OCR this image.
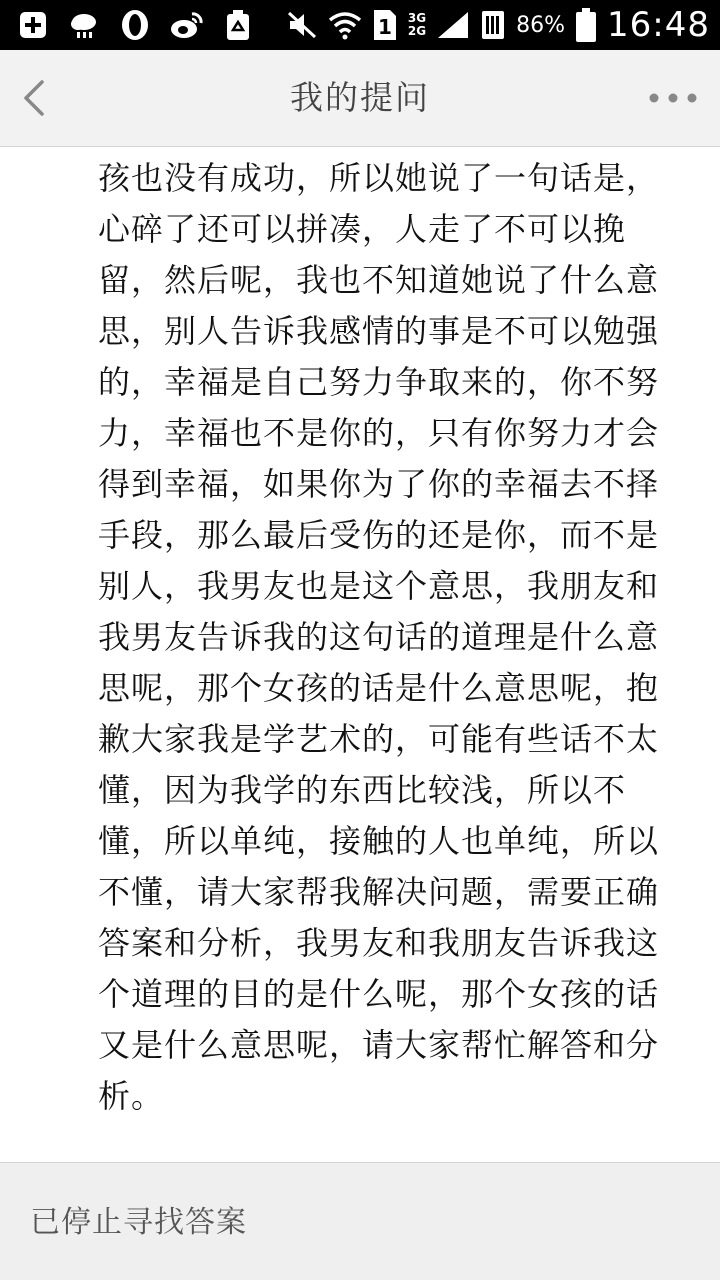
1 3G
2G	86% 16:48
我的提问
孩也没有成功，所以她说了一句话是，心碎了还可以拼凑，人走了不可以挽留，然后呢，我也不知道她说了什么意思，别人告诉我感情的事是不可以勉强的，幸福是自己努力争取来的，你不努力，幸福也不是你的，只有你努力才会得到幸福，如果你为了你的幸福去不择手段，那么最后受伤的还是你，而不是别人，我男友也是这个意思，我朋友和我男友告诉我的这句话的道理是什么意思呢，那个女孩的话是什么意思呢，抱歉大家我是学艺术的，可能有些话不太懂，因为我学的东西比较浅，所以不懂，所以单纯，接触的人也单纯，所以不懂，请大家帮我解决问题，需要正确答案和分析，我男友和我朋友告诉我这个道理的目的是什么呢，那个女孩的话又是什么意思呢，请大家帮忙解答和分析。
已停止寻找答案
